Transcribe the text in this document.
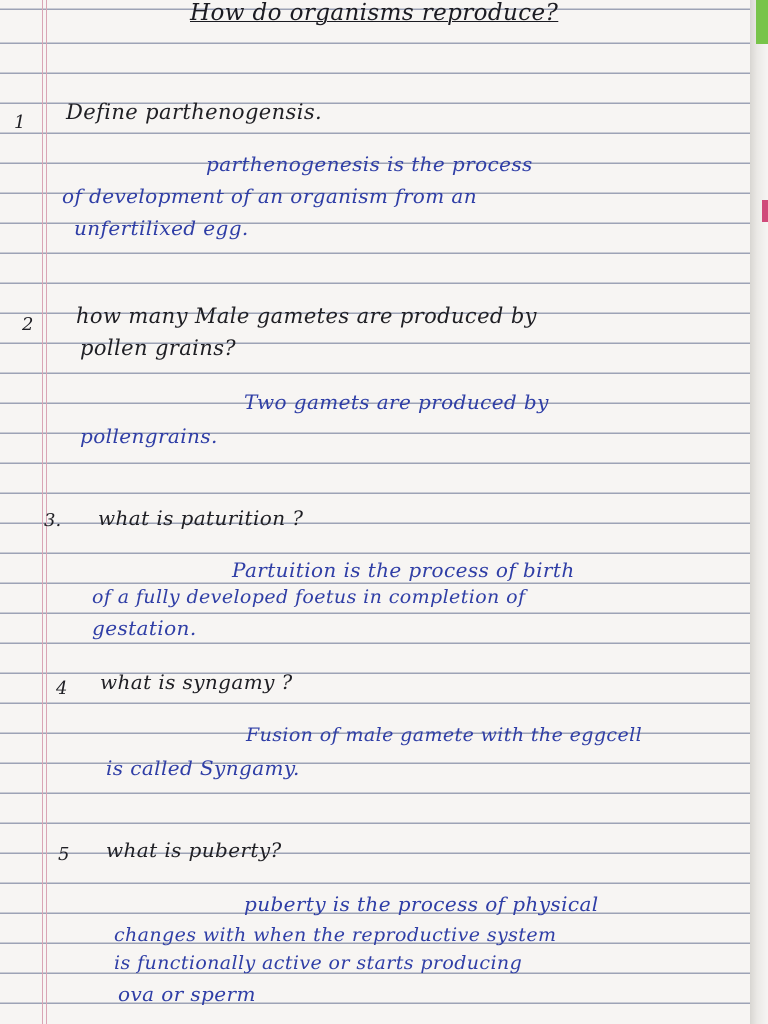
How do organisms reproduce?
1 Define parthenogensis.
parthenogenesis is the process
of development of an organism from an
unfertilixed egg.
2 how many Male gametes are produced by
pollen grains?
Two gamets are produced by
pollengrains.
3. what is paturition ?
Partuition is the process of birth
of a fully developed foetus in completion of
gestation.
4 what is syngamy ?
Fusion of male gamete with the eggcell
is called Syngamy.
5 what is puberty?
puberty is the process of physical
changes with when the reproductive system
is functionally active or starts producing
ova or sperm
